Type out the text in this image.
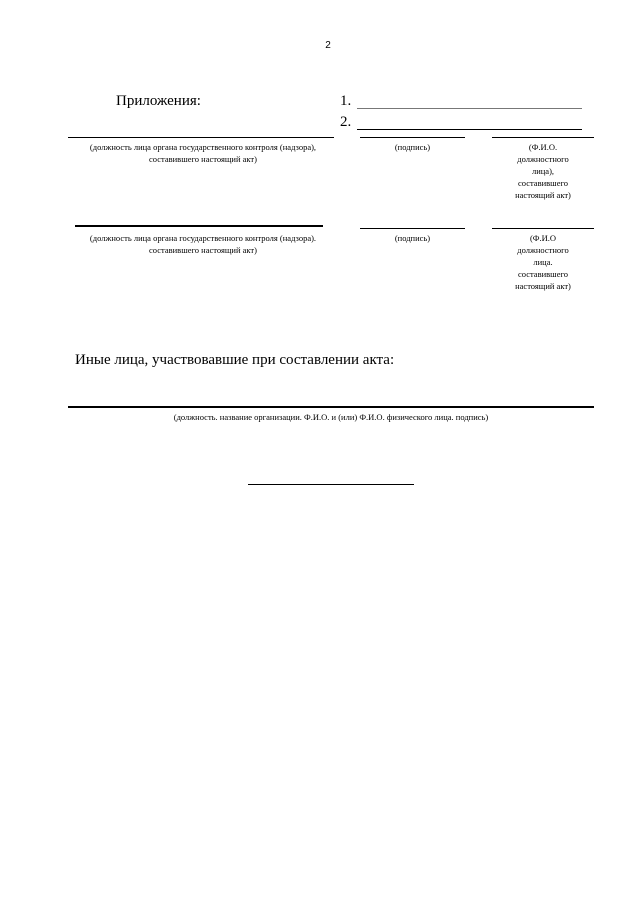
2
Приложения:	1.
2.
(должность лица органа государственного контроля (надзора), составившего настоящий акт)
(подпись)	(Ф.И.О.
должностного
лица),
составившего
настоящий акт)
(должность лица органа государственного контроля (надзора). составившего настоящий акт)
(подпись)	(Ф.И.О
должностного
лица.
составившего
настоящий акт)
Иные лица, участвовавшие при составлении акта:
(должность. название организации. Ф.И.О. и (или) Ф.И.О. физического лица. подпись)
